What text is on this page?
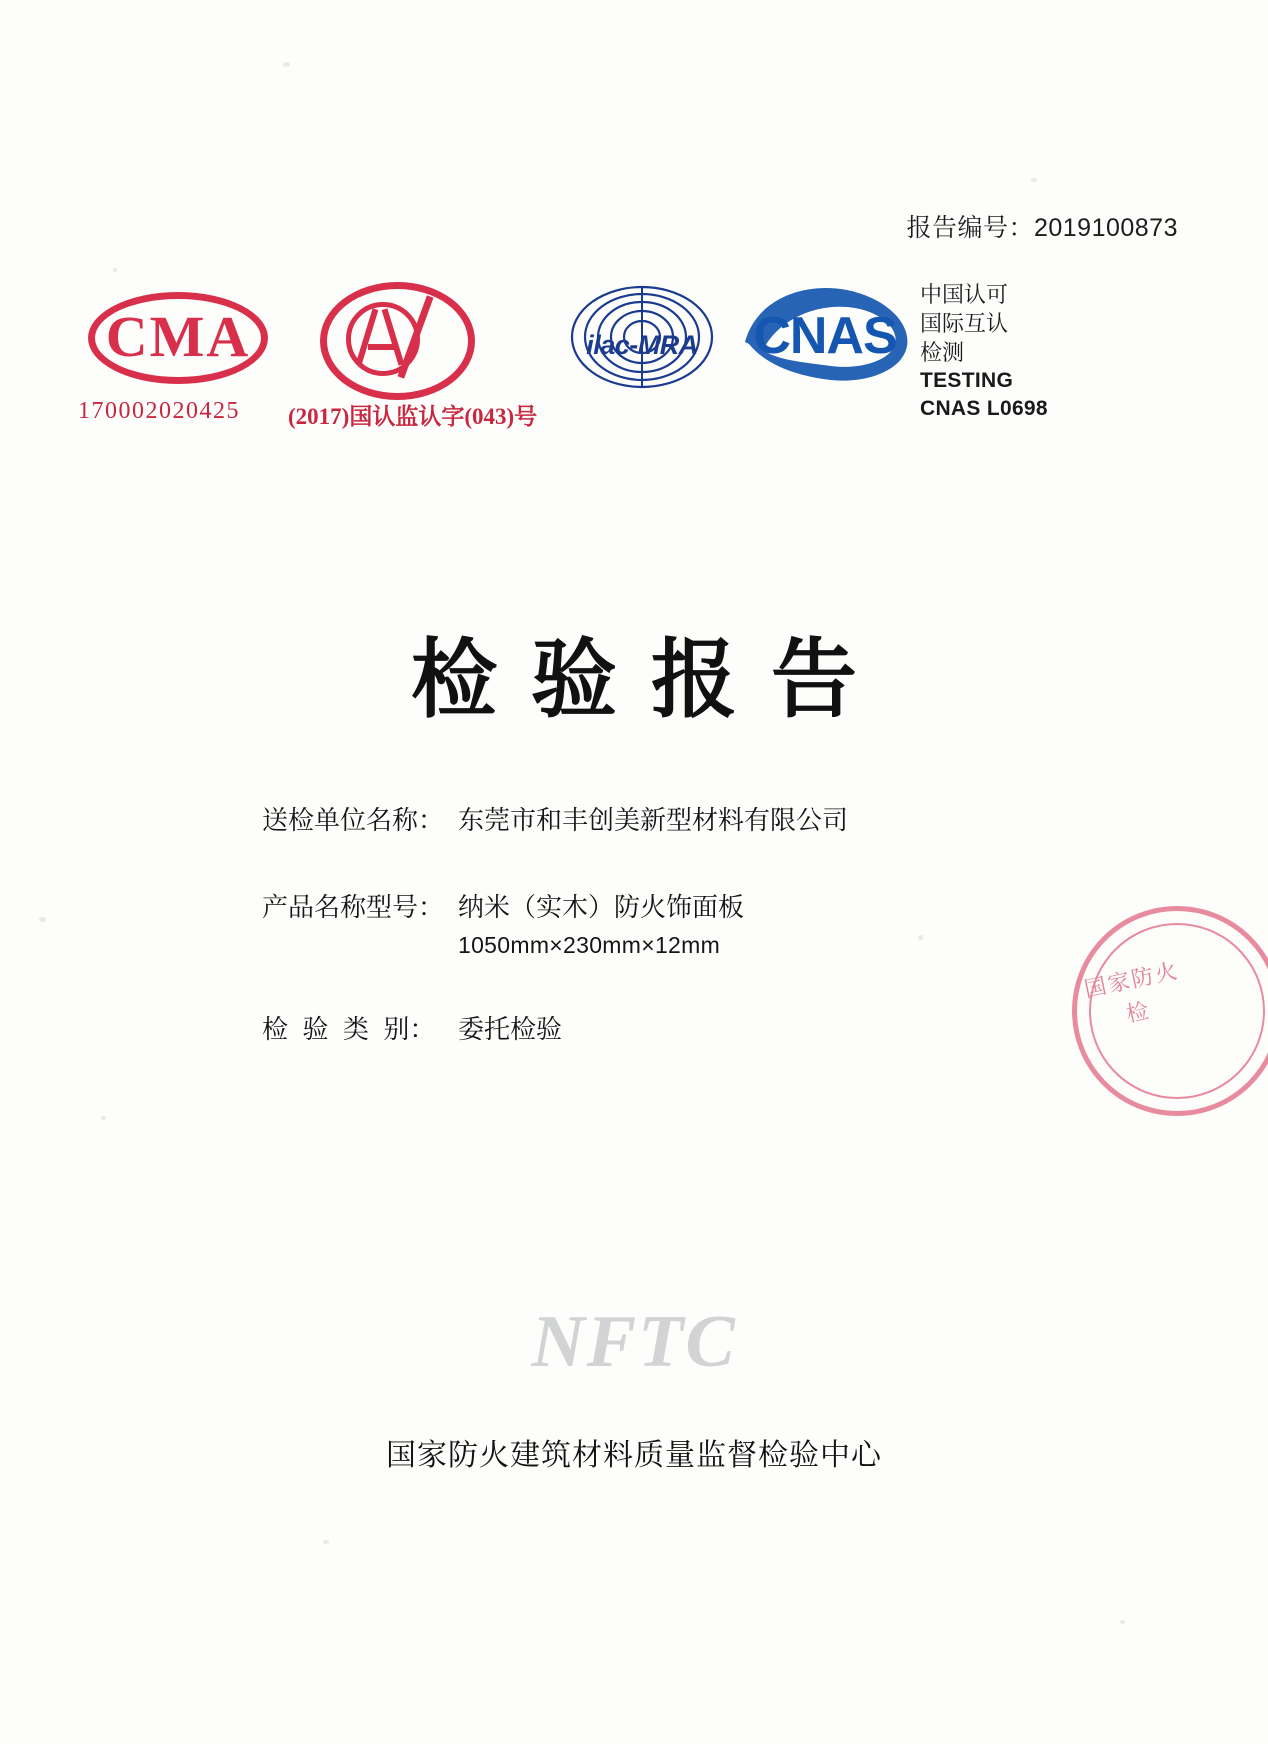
报告编号：2019100873
CMA
170002020425 (2017)国认监认字(043)号
ilac-MRA	CNAS
中国认可
国际互认
检测
TESTING
CNAS L0698
检验报告
送检单位名称： 东莞市和丰创美新型材料有限公司
产品名称型号： 纳米（实木）防火饰面板
1050mm×230mm×12mm
检  验  类  别： 委托检验
国家防火检
NFTC
国家防火建筑材料质量监督检验中心
